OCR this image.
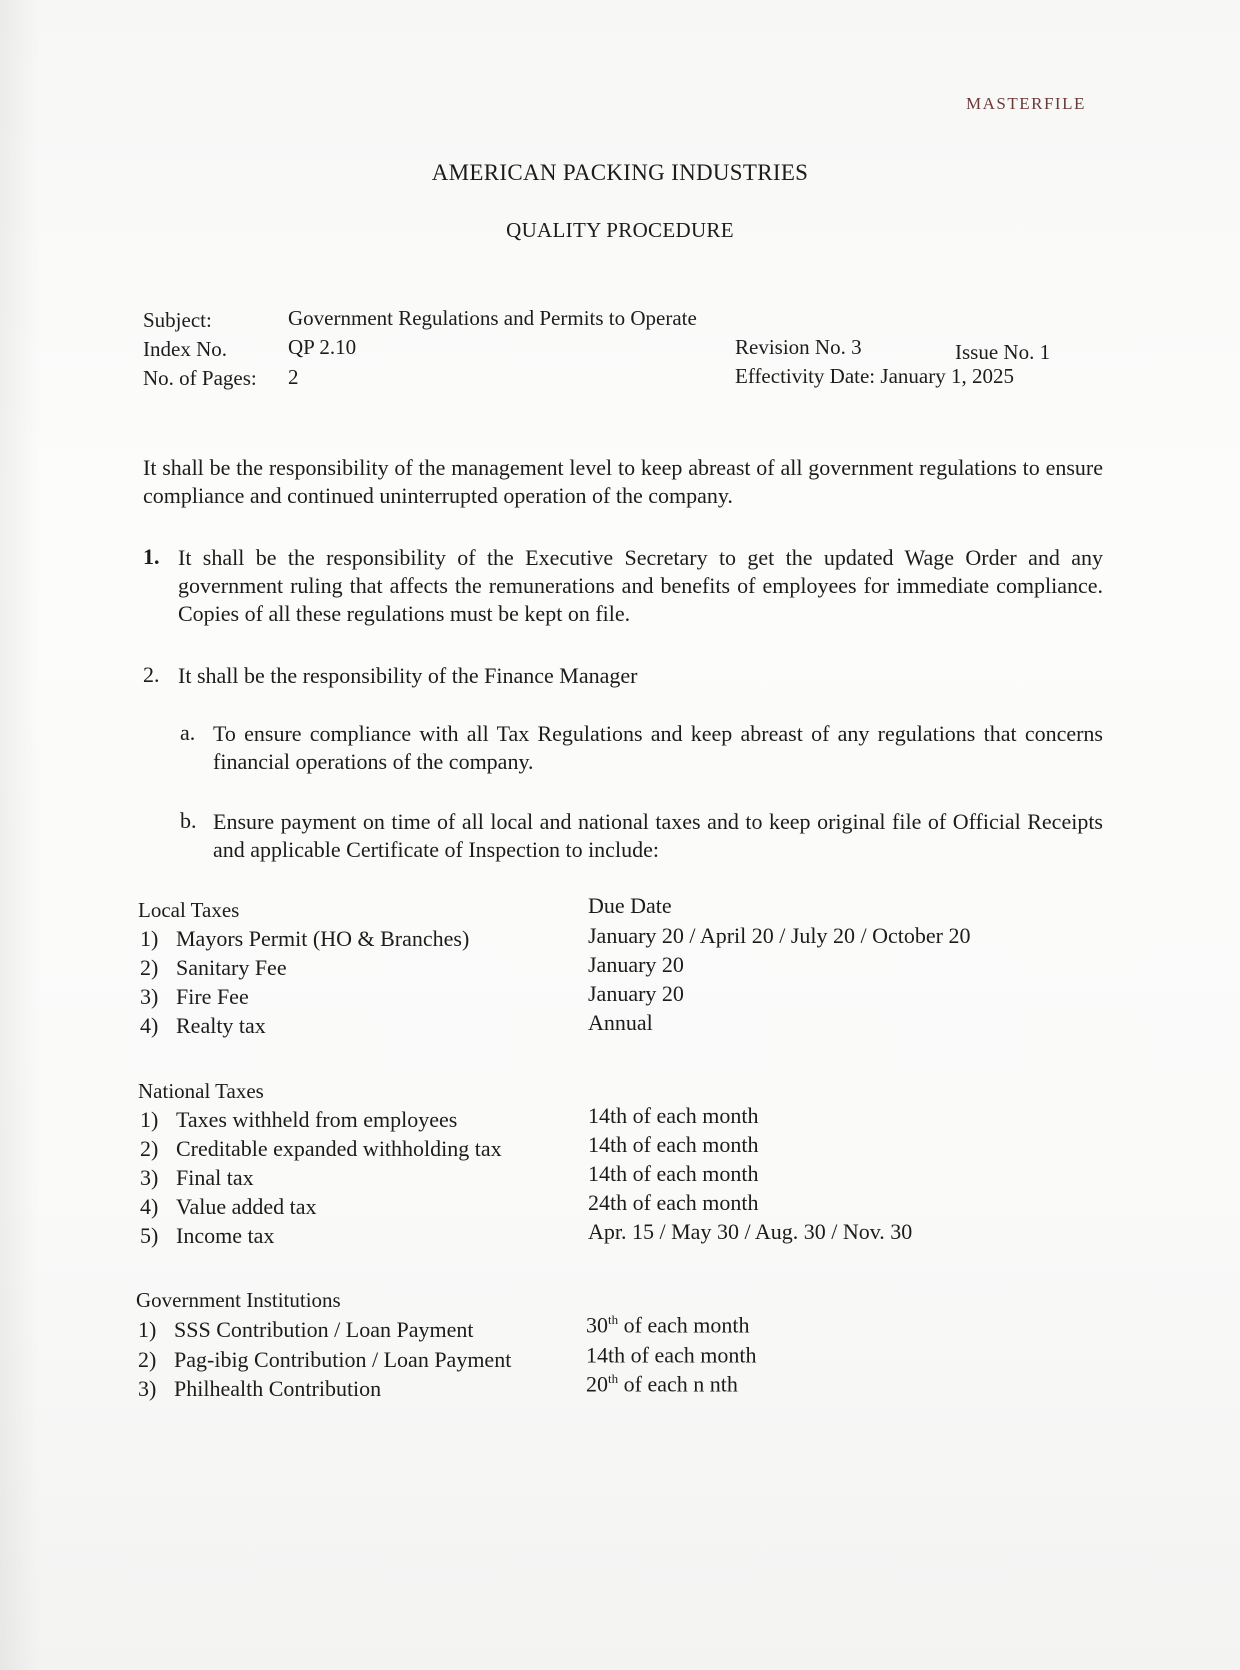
MASTERFILE
AMERICAN PACKING INDUSTRIES
QUALITY PROCEDURE
Subject:	Government Regulations and Permits to Operate
Index No.	QP 2.10	Revision No. 3	Issue No. 1
No. of Pages: 2	Effectivity Date: January 1, 2025
It shall be the responsibility of the management level to keep abreast of all government regulations to ensure compliance and continued uninterrupted operation of the company.
1. It shall be the responsibility of the Executive Secretary to get the updated Wage Order and any government ruling that affects the remunerations and benefits of employees for immediate compliance. Copies of all these regulations must be kept on file.
2. It shall be the responsibility of the Finance Manager
a. To ensure compliance with all Tax Regulations and keep abreast of any regulations that concerns financial operations of the company.
b. Ensure payment on time of all local and national taxes and to keep original file of Official Receipts and applicable Certificate of Inspection to include:
Local Taxes	Due Date
1) Mayors Permit (HO & Branches)	January 20 / April 20 / July 20 / October 20
2) Sanitary Fee	January 20
3) Fire Fee	January 20
4) Realty tax	Annual
National Taxes
1) Taxes withheld from employees	14th of each month
2) Creditable expanded withholding tax	14th of each month
3) Final tax	14th of each month
4) Value added tax	24th of each month
5) Income tax	Apr. 15 / May 30 / Aug. 30 / Nov. 30
Government Institutions
1) SSS Contribution / Loan Payment	30th of each month
2) Pag-ibig Contribution / Loan Payment	14th of each month
3) Philhealth Contribution	20th of each n nth
